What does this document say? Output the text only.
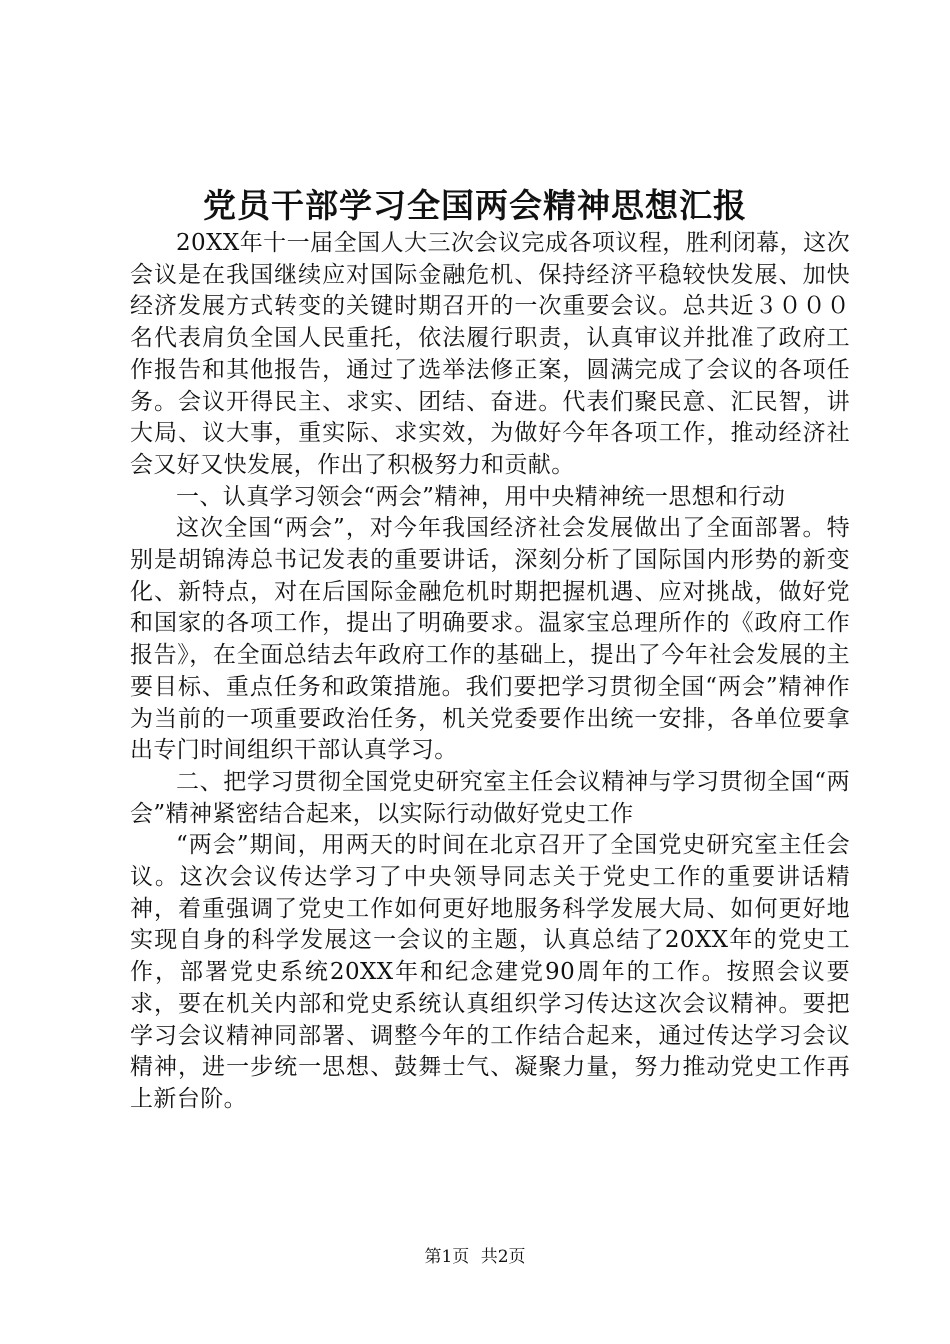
党员干部学习全国两会精神思想汇报

20XX年十一届全国人大三次会议完成各项议程，胜利闭幕，这次会议是在我国继续应对国际金融危机、保持经济平稳较快发展、加快经济发展方式转变的关键时期召开的一次重要会议。总共近３０００名代表肩负全国人民重托，依法履行职责，认真审议并批准了政府工作报告和其他报告，通过了选举法修正案，圆满完成了会议的各项任务。会议开得民主、求实、团结、奋进。代表们聚民意、汇民智，讲大局、议大事，重实际、求实效，为做好今年各项工作，推动经济社会又好又快发展，作出了积极努力和贡献。

一、认真学习领会“两会”精神，用中央精神统一思想和行动

这次全国“两会”，对今年我国经济社会发展做出了全面部署。特别是胡锦涛总书记发表的重要讲话，深刻分析了国际国内形势的新变化、新特点，对在后国际金融危机时期把握机遇、应对挑战，做好党和国家的各项工作，提出了明确要求。温家宝总理所作的《政府工作报告》，在全面总结去年政府工作的基础上，提出了今年社会发展的主要目标、重点任务和政策措施。我们要把学习贯彻全国“两会”精神作为当前的一项重要政治任务，机关党委要作出统一安排，各单位要拿出专门时间组织干部认真学习。

二、把学习贯彻全国党史研究室主任会议精神与学习贯彻全国“两会”精神紧密结合起来，以实际行动做好党史工作

“两会”期间，用两天的时间在北京召开了全国党史研究室主任会议。这次会议传达学习了中央领导同志关于党史工作的重要讲话精神，着重强调了党史工作如何更好地服务科学发展大局、如何更好地实现自身的科学发展这一会议的主题，认真总结了20XX年的党史工作，部署党史系统20XX年和纪念建党90周年的工作。按照会议要求，要在机关内部和党史系统认真组织学习传达这次会议精神。要把学习会议精神同部署、调整今年的工作结合起来，通过传达学习会议精神，进一步统一思想、鼓舞士气、凝聚力量，努力推动党史工作再上新台阶。

第1页 共2页
